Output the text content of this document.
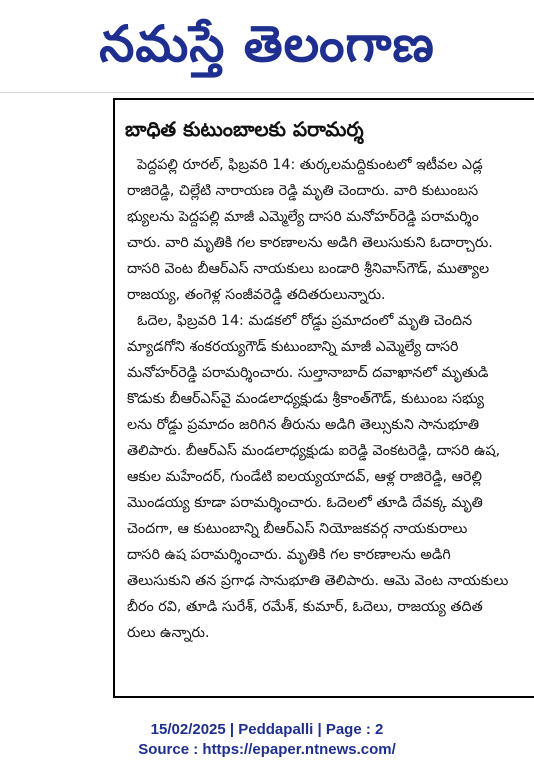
నమస్తే తెలంగాణ
బాధిత కుటుంబాలకు పరామర్శ
పెద్దపల్లి రూరల్, ఫిబ్రవరి 14: తుర్కలమద్దికుంటలో ఇటీవల ఎడ్ల
రాజిరెడ్డి, చిల్లేటి నారాయణ రెడ్డి మృతి చెందారు. వారి కుటుంబస
భ్యులను పెద్దపల్లి మాజీ ఎమ్మెల్యే దాసరి మనోహర్‌రెడ్డి పరామర్శిం
చారు. వారి మృతికి గల కారణాలను అడిగి తెలుసుకుని ఓదార్చారు.
దాసరి వెంట బీఆర్ఎస్ నాయకులు బండారి శ్రీనివాస్‌గౌడ్, ముత్యాల
రాజయ్య, తంగెళ్ల సంజీవరెడ్డి తదితరులున్నారు.
ఓదెల, ఫిబ్రవరి 14: మడకలో రోడ్డు ప్రమాదంలో మృతి చెందిన
మ్యాడగోని శంకరయ్యగౌడ్ కుటుంబాన్ని మాజీ ఎమ్మెల్యే దాసరి
మనోహర్‌రెడ్డి పరామర్శించారు. సుల్తానాబాద్ దవాఖానలో మృతుడి
కొడుకు బీఆర్ఎస్‌వై మండలాధ్యక్షుడు శ్రీకాంత్‌గౌడ్, కుటుంబ సభ్యు
లను రోడ్డు ప్రమాదం జరిగిన తీరును అడిగి తెల్సుకుని సానుభూతి
తెలిపారు. బీఆర్ఎస్ మండలాధ్యక్షుడు ఐరెడ్డి వెంకటరెడ్డి, దాసరి ఉష,
ఆకుల మహేందర్, గుండేటి ఐలయ్యయాదవ్, ఆళ్ల రాజిరెడ్డి, ఆరెల్లి
మొండయ్య కూడా పరామర్శించారు. ఓదెలలో తూడి దేవక్క మృతి
చెందగా, ఆ కుటుంబాన్ని బీఆర్ఎస్ నియోజకవర్గ నాయకురాలు
దాసరి ఉష పరామర్శించారు. మృతికి గల కారణాలను అడిగి
తెలుసుకుని తన ప్రగాఢ సానుభూతి తెలిపారు. ఆమె వెంట నాయకులు
బీరం రవి, తూడి సురేశ్, రమేశ్, కుమార్, ఓదెలు, రాజయ్య తదిత
రులు ఉన్నారు.
15/02/2025 | Peddapalli | Page : 2
Source : https://epaper.ntnews.com/
